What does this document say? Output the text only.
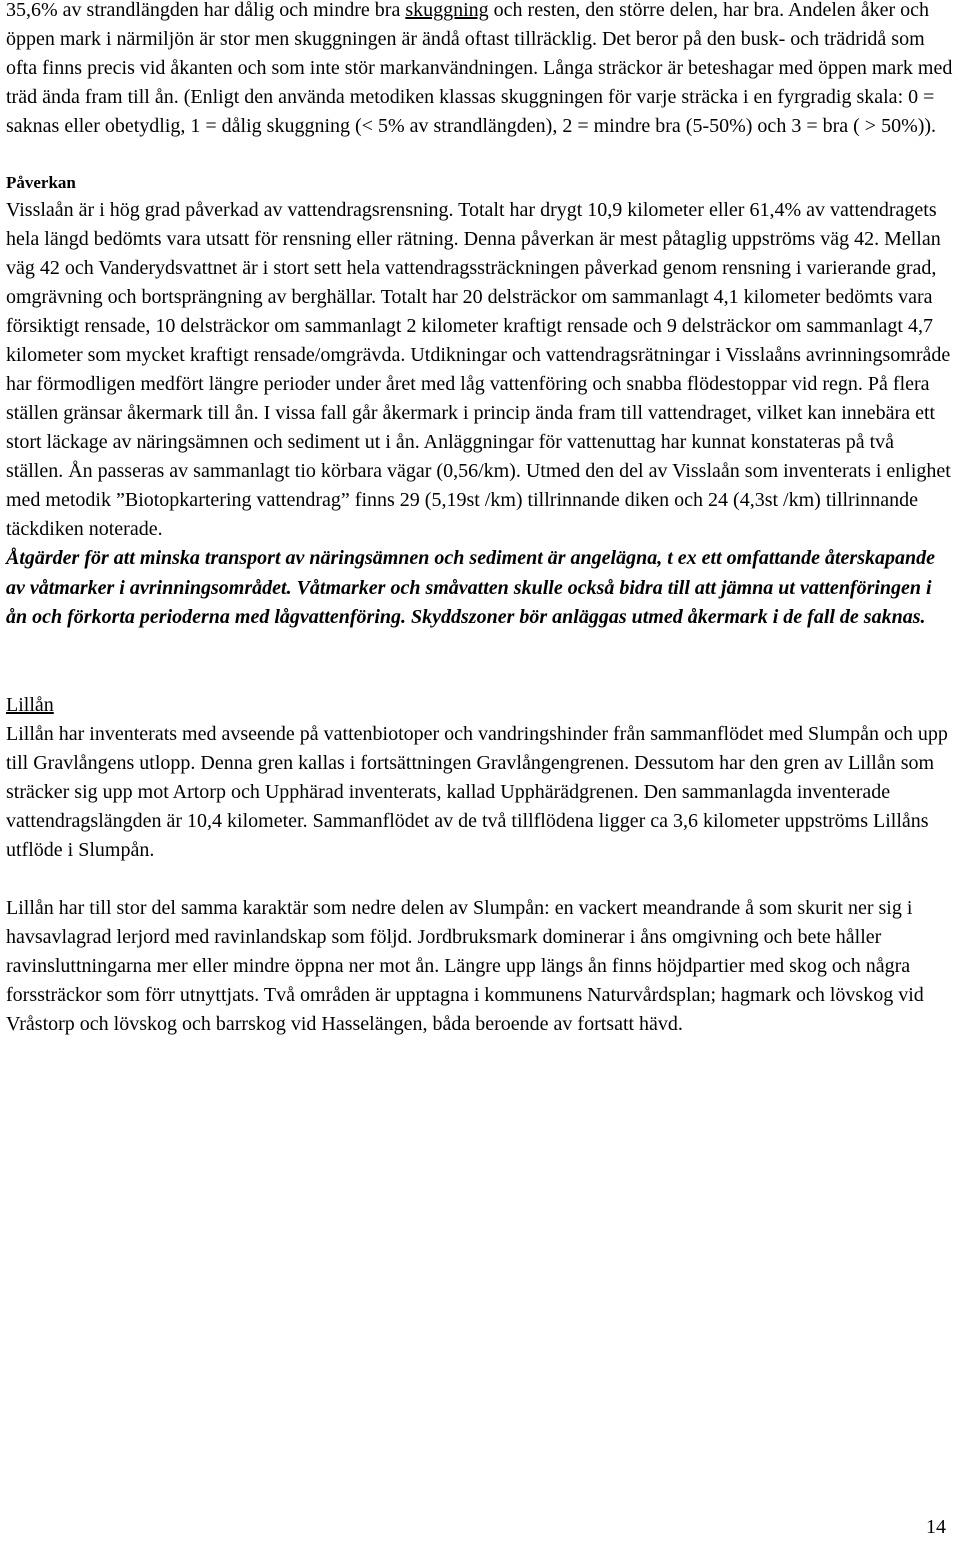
35,6% av strandlängden har dålig och mindre bra skuggning och resten, den större delen, har bra. Andelen åker och öppen mark i närmiljön är stor men skuggningen är ändå oftast tillräcklig. Det beror på den busk- och trädridå som ofta finns precis vid åkanten och som inte stör markanvändningen. Långa sträckor är beteshagar med öppen mark med träd ända fram till ån. (Enligt den använda metodiken klassas skuggningen för varje sträcka i en fyrgradig skala: 0 = saknas eller obetydlig, 1 = dålig skuggning (< 5% av strandlängden), 2 = mindre bra (5-50%) och 3 = bra ( > 50%)).

Påverkan

Visslaån är i hög grad påverkad av vattendragsrensning. Totalt har drygt 10,9 kilometer eller 61,4% av vattendragets hela längd bedömts vara utsatt för rensning eller rätning. Denna påverkan är mest påtaglig uppströms väg 42. Mellan väg 42 och Vanderydsvattnet är i stort sett hela vattendragssträckningen påverkad genom rensning i varierande grad, omgrävning och bortsprängning av berghällar. Totalt har 20 delsträckor om sammanlagt 4,1 kilometer bedömts vara försiktigt rensade, 10 delsträckor om sammanlagt 2 kilometer kraftigt rensade och 9 delsträckor om sammanlagt 4,7 kilometer som mycket kraftigt rensade/omgrävda. Utdikningar och vattendragsrätningar i Visslaåns avrinningsområde har förmodligen medfört längre perioder under året med låg vattenföring och snabba flödestoppar vid regn. På flera ställen gränsar åkermark till ån. I vissa fall går åkermark i princip ända fram till vattendraget, vilket kan innebära ett stort läckage av näringsämnen och sediment ut i ån. Anläggningar för vattenuttag har kunnat konstateras på två ställen. Ån passeras av sammanlagt tio körbara vägar (0,56/km). Utmed den del av Visslaån som inventerats i enlighet med metodik ”Biotopkartering vattendrag” finns 29 (5,19st /km) tillrinnande diken och 24 (4,3st /km) tillrinnande täckdiken noterade.

Åtgärder för att minska transport av näringsämnen och sediment är angelägna, t ex ett omfattande återskapande av våtmarker i avrinningsområdet. Våtmarker och småvatten skulle också bidra till att jämna ut vattenföringen i ån och förkorta perioderna med lågvattenföring. Skyddszoner bör anläggas utmed åkermark i de fall de saknas.

Lillån

Lillån har inventerats med avseende på vattenbiotoper och vandringshinder från sammanflödet med Slumpån och upp till Gravlångens utlopp. Denna gren kallas i fortsättningen Gravlångengrenen. Dessutom har den gren av Lillån som sträcker sig upp mot Artorp och Upphärad inventerats, kallad Upphärädgrenen. Den sammanlagda inventerade vattendragslängden är 10,4 kilometer. Sammanflödet av de två tillflödena ligger ca 3,6 kilometer uppströms Lillåns utflöde i Slumpån.

Lillån har till stor del samma karaktär som nedre delen av Slumpån: en vackert meandrande å som skurit ner sig i havsavlagrad lerjord med ravinlandskap som följd. Jordbruksmark dominerar i åns omgivning och bete håller ravinsluttningarna mer eller mindre öppna ner mot ån. Längre upp längs ån finns höjdpartier med skog och några forssträckor som förr utnyttjats. Två områden är upptagna i kommunens Naturvårdsplan; hagmark och lövskog vid Vråstorp och lövskog och barrskog vid Hasselängen, båda beroende av fortsatt hävd.

14
